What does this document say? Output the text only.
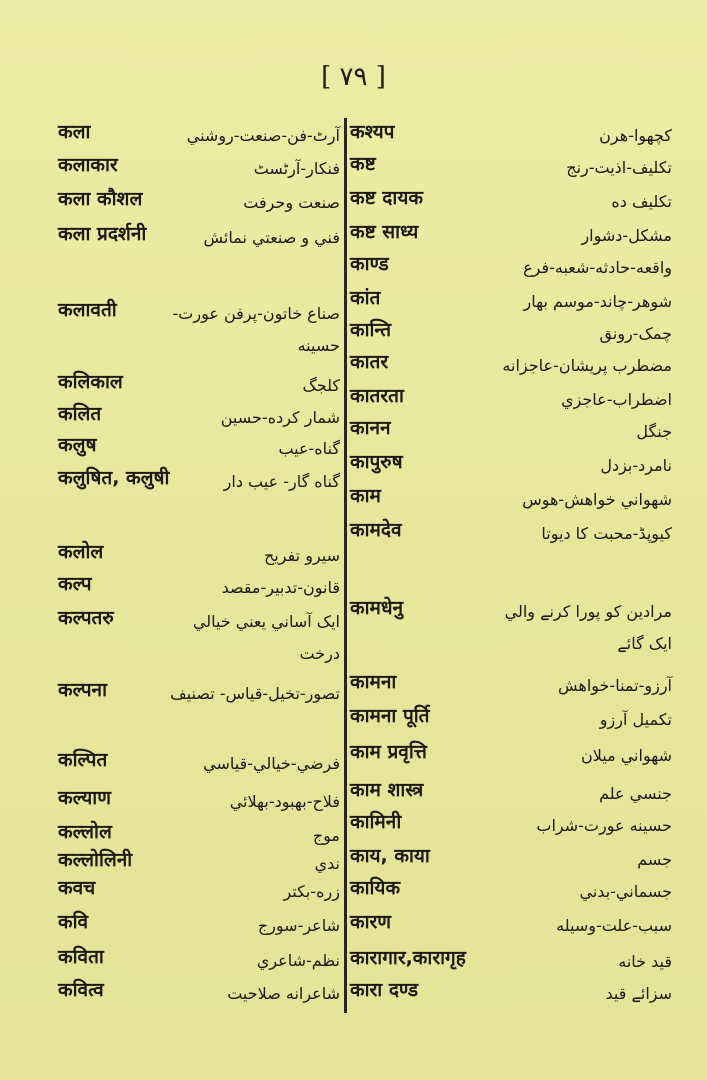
[ ۷۹ ]
कला	آرٹ-فن-صنعت-روشني
कलाकार	فنكار-آرٹسٹ
कला कौशल	صنعت وحرفت
कला प्रदर्शनी	فني و صنعتي نمائش
कलावती	صناع خاتون-پرفن عورت-حسينه
कलिकाल	كلجگ
कलित	شمار كرده-حسين
कलुष	گناه-عيب
कलुषित, कलुषी	گناه گار- عيب دار
कलोल	سيرو تفريح
कल्प	قانون-تدبير-مقصد
कल्पतरु	ايک آساني يعني خيالي درخت
कल्पना	تصور-تخيل-قياس- تصنيف
कल्पित	فرضي-خيالي-قياسي
कल्याण	فلاح-بهبود-بهلائي
कल्लोल	موج
कल्लोलिनी	ندي
कवच	زره-بكتر
कवि	شاعر-سورج
कविता	نظم-شاعري
कवित्व	شاعرانه صلاحيت
कश्यप	كچهوا-هرن
कष्ट	تكليف-اذيت-رنج
कष्ट दायक	تكليف ده
कष्ट साध्य	مشكل-دشوار
काण्ड	واقعه-حادثه-شعبه-فرع
कांत	شوهر-چاند-موسم بهار
कान्ति	چمک-رونق
कातर	مضطرب پريشان-عاجزانه
कातरता	اضطراب-عاجزي
कानन	جنگل
कापुरुष	نامرد-بزدل
काम	شهواني خواهش-هوس
कामदेव	كيوپڈ-محبت كا ديوتا
कामधेनु	مرادين كو پورا كرنے والي ايک گائے
कामना	آرزو-تمنا-خواهش
कामना पूर्ति	تكميل آرزو
काम प्रवृत्ति	شهواني ميلان
काम शास्त्र	جنسي علم
कामिनी	حسينه عورت-شراب
काय, काया	جسم
कायिक	جسماني-بدني
कारण	سبب-علت-وسيله
कारागार,कारागृह	قيد خانه
कारा दण्ड	سزائے قيد
